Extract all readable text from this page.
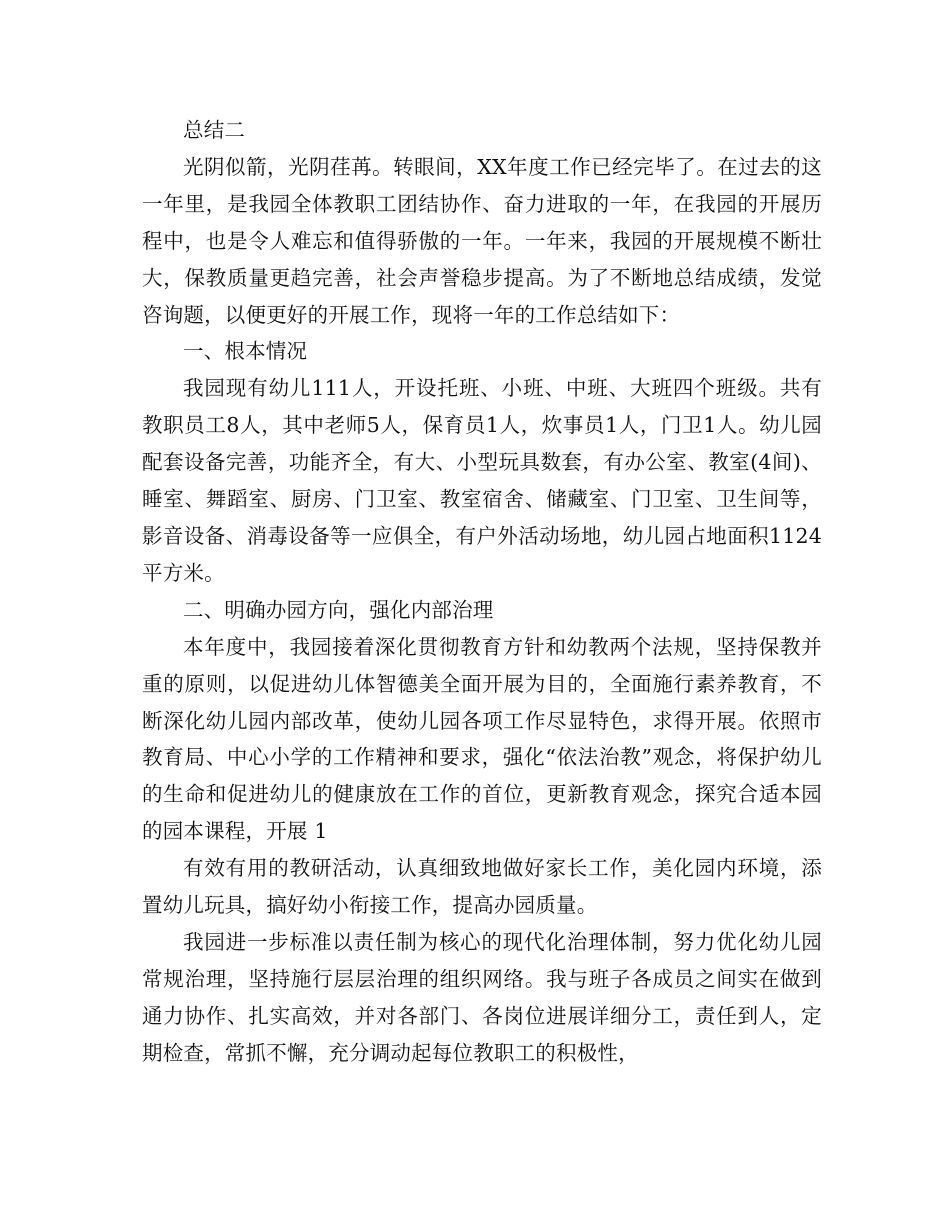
总结二

光阴似箭，光阴荏苒。转眼间，XX年度工作已经完毕了。在过去的这一年里，是我园全体教职工团结协作、奋力进取的一年，在我园的开展历程中，也是令人难忘和值得骄傲的一年。一年来，我园的开展规模不断壮大，保教质量更趋完善，社会声誉稳步提高。为了不断地总结成绩，发觉咨询题，以便更好的开展工作，现将一年的工作总结如下：

一、根本情况

我园现有幼儿111人，开设托班、小班、中班、大班四个班级。共有教职员工8人，其中老师5人，保育员1人，炊事员1人，门卫1人。幼儿园配套设备完善，功能齐全，有大、小型玩具数套，有办公室、教室(4间)、睡室、舞蹈室、厨房、门卫室、教室宿舍、储藏室、门卫室、卫生间等，影音设备、消毒设备等一应俱全，有户外活动场地，幼儿园占地面积1124平方米。

二、明确办园方向，强化内部治理

本年度中，我园接着深化贯彻教育方针和幼教两个法规，坚持保教并重的原则，以促进幼儿体智德美全面开展为目的，全面施行素养教育，不断深化幼儿园内部改革，使幼儿园各项工作尽显特色，求得开展。依照市教育局、中心小学的工作精神和要求，强化“依法治教”观念，将保护幼儿的生命和促进幼儿的健康放在工作的首位，更新教育观念，探究合适本园的园本课程，开展 1

有效有用的教研活动，认真细致地做好家长工作，美化园内环境，添置幼儿玩具，搞好幼小衔接工作，提高办园质量。

我园进一步标准以责任制为核心的现代化治理体制，努力优化幼儿园常规治理，坚持施行层层治理的组织网络。我与班子各成员之间实在做到通力协作、扎实高效，并对各部门、各岗位进展详细分工，责任到人，定期检查，常抓不懈，充分调动起每位教职工的积极性，
